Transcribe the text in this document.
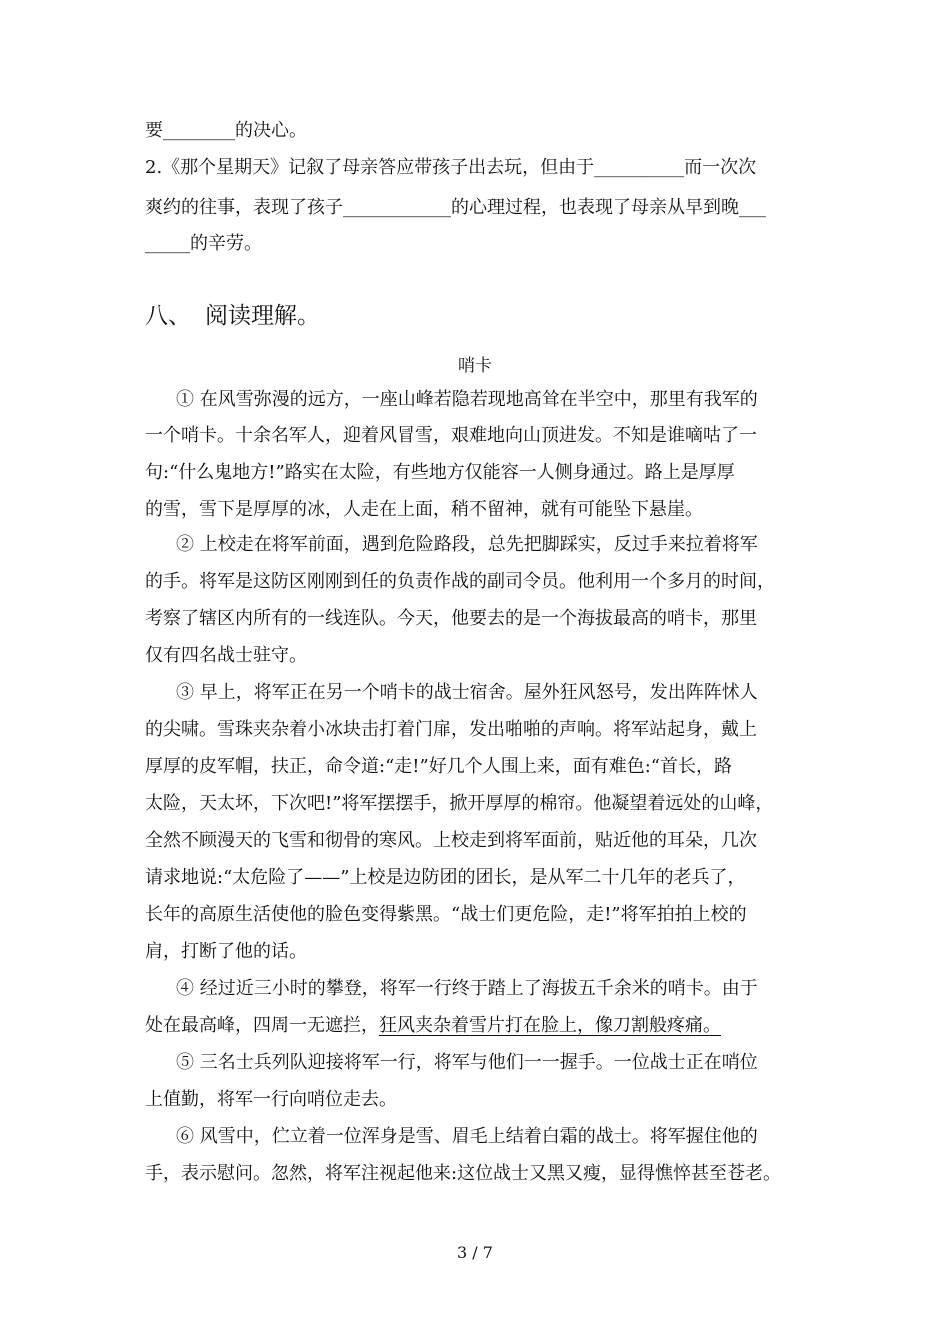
要________的决心。
2.《那个星期天》记叙了母亲答应带孩子出去玩，但由于__________而一次次
爽约的往事，表现了孩子____________的心理过程，也表现了母亲从早到晚___
_____的辛劳。
八、 阅读理解。
哨卡
① 在风雪弥漫的远方，一座山峰若隐若现地高耸在半空中，那里有我军的
一个哨卡。十余名军人，迎着风冒雪，艰难地向山顶进发。不知是谁嘀咕了一
句:“什么鬼地方!”路实在太险，有些地方仅能容一人侧身通过。路上是厚厚
的雪，雪下是厚厚的冰，人走在上面，稍不留神，就有可能坠下悬崖。
② 上校走在将军前面，遇到危险路段，总先把脚踩实，反过手来拉着将军
的手。将军是这防区刚刚到任的负责作战的副司令员。他利用一个多月的时间，
考察了辖区内所有的一线连队。今天，他要去的是一个海拔最高的哨卡，那里
仅有四名战士驻守。
③ 早上，将军正在另一个哨卡的战士宿舍。屋外狂风怒号，发出阵阵怵人
的尖啸。雪珠夹杂着小冰块击打着门扉，发出啪啪的声响。将军站起身，戴上
厚厚的皮军帽，扶正，命令道:“走!”好几个人围上来，面有难色:“首长，路
太险，天太坏，下次吧!”将军摆摆手，掀开厚厚的棉帘。他凝望着远处的山峰，
全然不顾漫天的飞雪和彻骨的寒风。上校走到将军面前，贴近他的耳朵，几次
请求地说:“太危险了——”上校是边防团的团长，是从军二十几年的老兵了，
长年的高原生活使他的脸色变得紫黑。“战士们更危险，走!”将军拍拍上校的
肩，打断了他的话。
④ 经过近三小时的攀登，将军一行终于踏上了海拔五千余米的哨卡。由于
处在最高峰，四周一无遮拦，狂风夹杂着雪片打在脸上，像刀割般疼痛。
⑤ 三名士兵列队迎接将军一行，将军与他们一一握手。一位战士正在哨位
上值勤，将军一行向哨位走去。
⑥ 风雪中，伫立着一位浑身是雪、眉毛上结着白霜的战士。将军握住他的
手，表示慰问。忽然，将军注视起他来:这位战士又黑又瘦，显得憔悴甚至苍老。
3 / 7
